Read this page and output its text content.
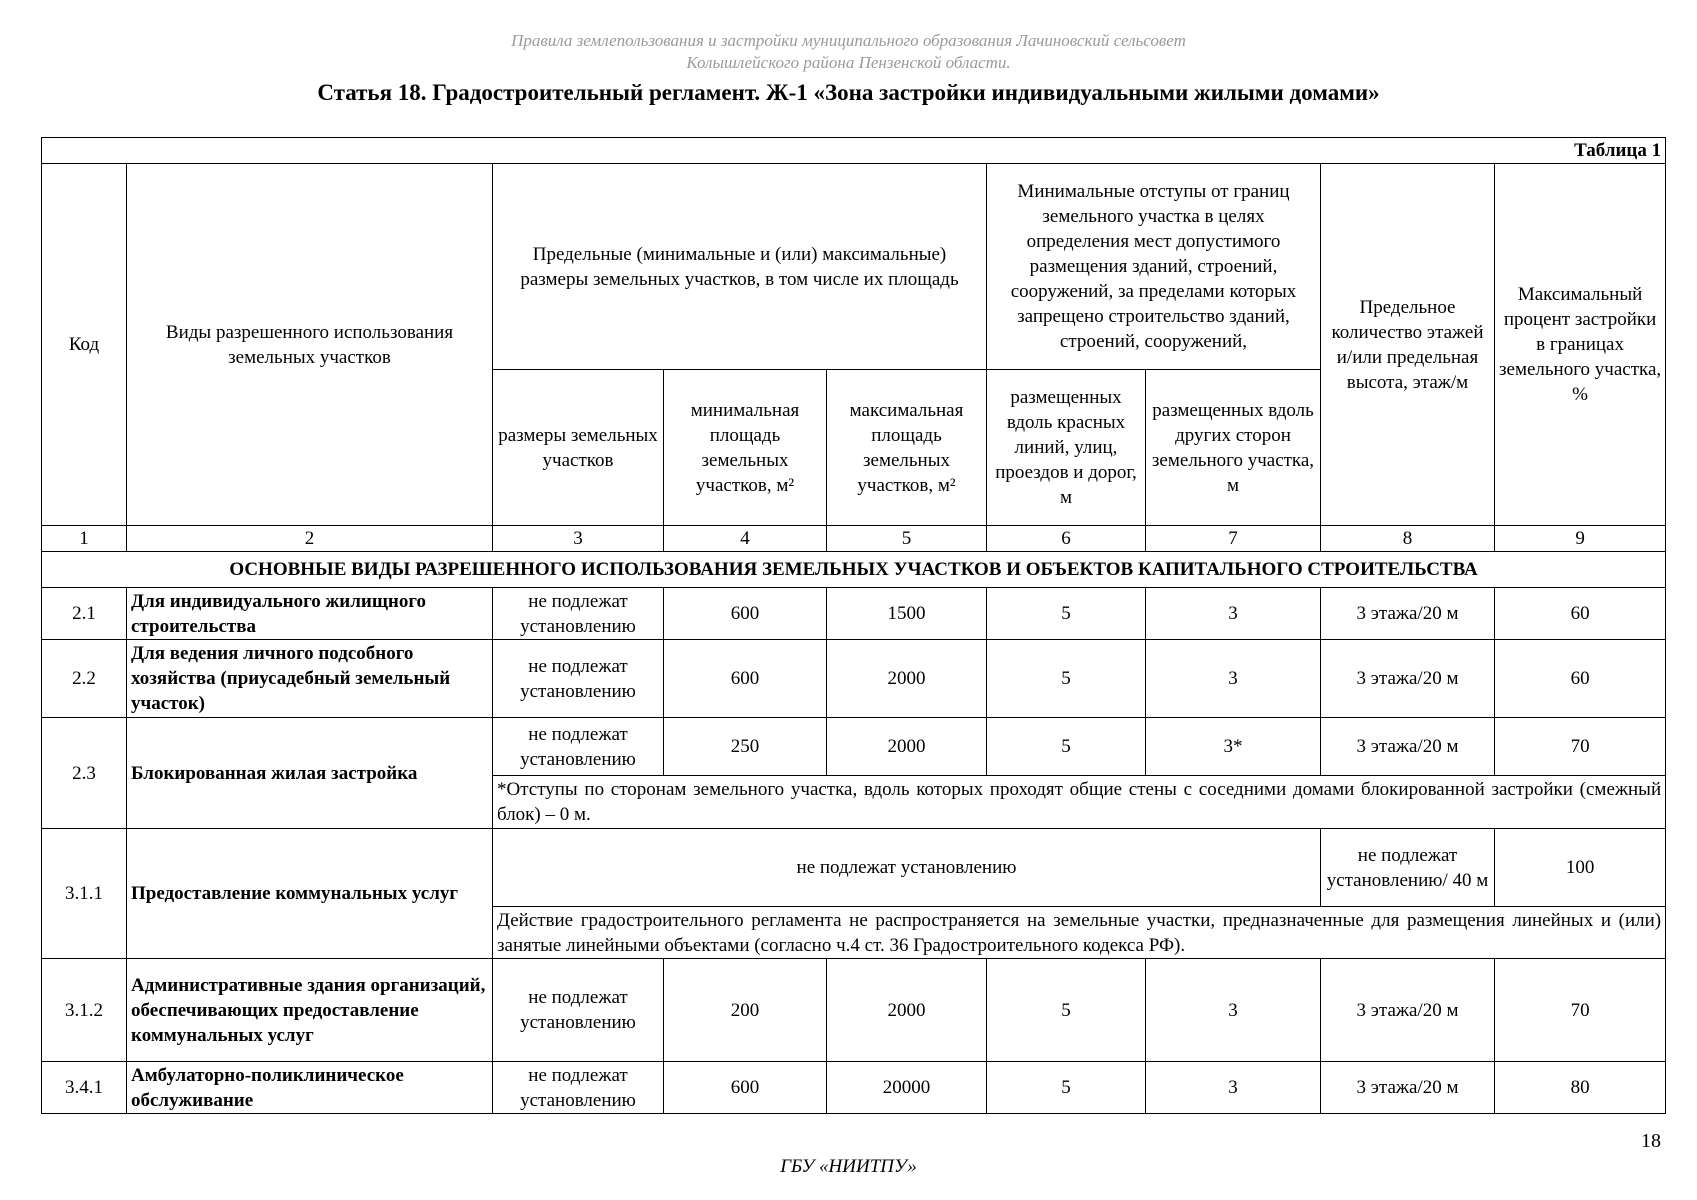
Правила землепользования и застройки муниципального образования Лачиновский сельсовет
Колышлейского района Пензенской области.
Статья 18. Градостроительный регламент. Ж-1 «Зона застройки индивидуальными жилыми домами»
Таблица 1								
Код	Виды разрешенного использования земельных участков	Предельные (минимальные и (или) максимальные) размеры земельных участков, в том числе их площадь			Минимальные отступы от границ земельного участка в целях определения мест допустимого размещения зданий, строений, сооружений, за пределами которых запрещено строительство зданий, строений, сооружений,		Предельное количество этажей и/или предельная высота, этаж/м	Максимальный процент застройки в границах земельного участка, %
		размеры земельных участков	минимальная площадь земельных участков, м²	максимальная площадь земельных участков, м²	размещенных вдоль красных линий, улиц, проездов и дорог, м	размещенных вдоль других сторон земельного участка, м		
1	2	3	4	5	6	7	8	9
ОСНОВНЫЕ ВИДЫ РАЗРЕШЕННОГО ИСПОЛЬЗОВАНИЯ ЗЕМЕЛЬНЫХ УЧАСТКОВ И ОБЪЕКТОВ КАПИТАЛЬНОГО СТРОИТЕЛЬСТВА								
2.1	Для индивидуального жилищного строительства	не подлежат установлению	600	1500	5	3	3 этажа/20 м	60
2.2	Для ведения личного подсобного хозяйства (приусадебный земельный участок)	не подлежат установлению	600	2000	5	3	3 этажа/20 м	60
2.3	Блокированная жилая застройка	не подлежат установлению	250	2000	5	3*	3 этажа/20 м	70
		*Отступы по сторонам земельного участка, вдоль которых проходят общие стены с соседними домами блокированной застройки (смежный блок) – 0 м.						
3.1.1	Предоставление коммунальных услуг	не подлежат установлению					не подлежат установлению/ 40 м	100
		Действие градостроительного регламента не распространяется на земельные участки, предназначенные для размещения линейных и (или) занятые линейными объектами (согласно ч.4 ст. 36 Градостроительного кодекса РФ).						
3.1.2	Административные здания организаций, обеспечивающих предоставление коммунальных услуг	не подлежат установлению	200	2000	5	3	3 этажа/20 м	70
3.4.1	Амбулаторно-поликлиническое обслуживание	не подлежат установлению	600	20000	5	3	3 этажа/20 м	80
18
ГБУ «НИИТПУ»
